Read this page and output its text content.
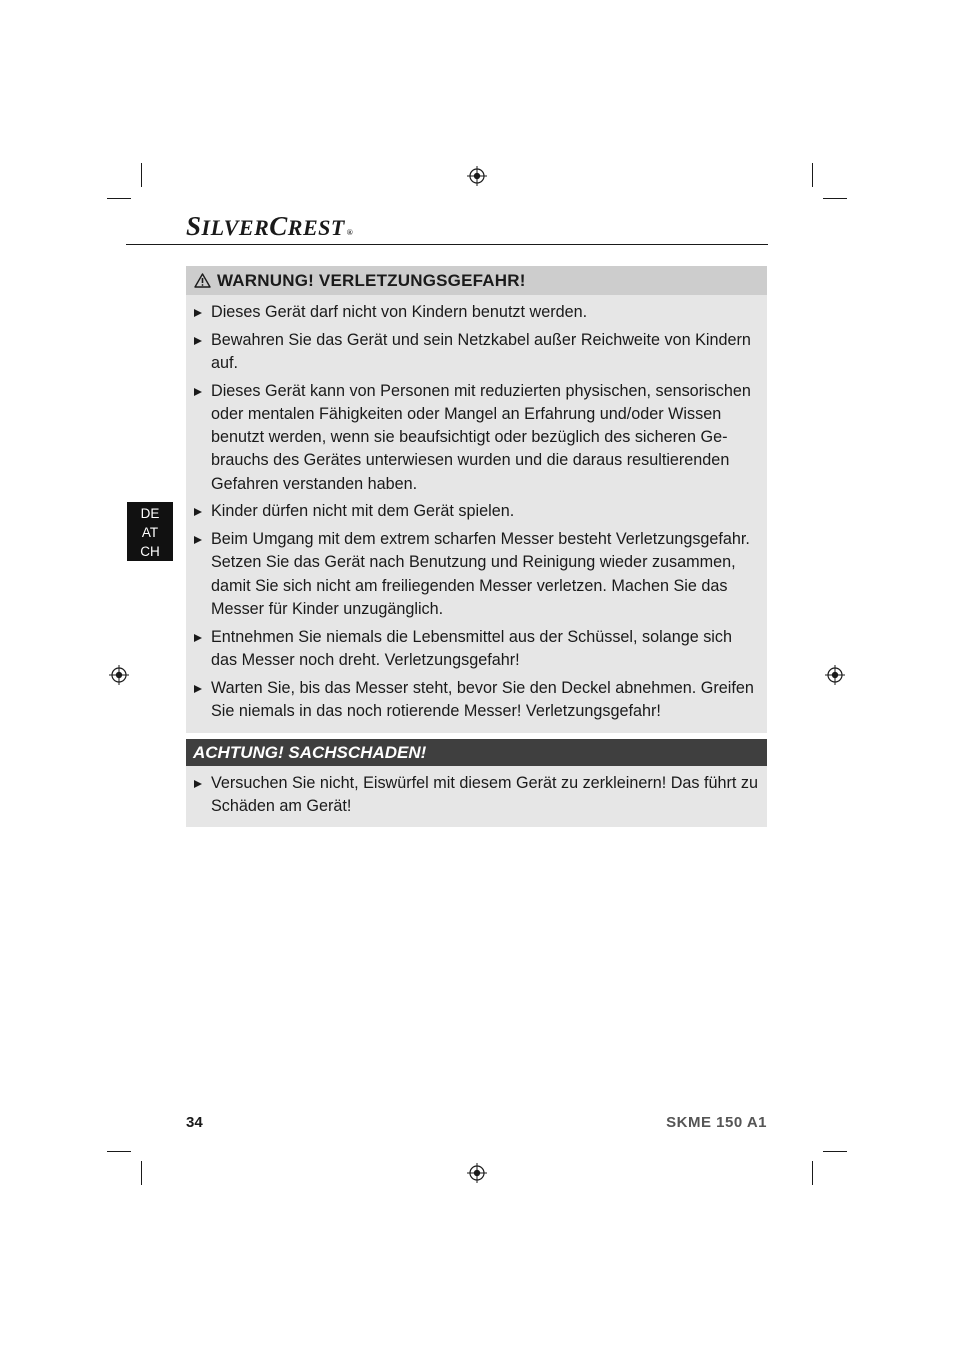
S ILVER C REST $_®$
DE
AT
CH
WARNUNG! VERLETZUNGSGEFAHR!
Dieses Gerät darf nicht von Kindern benutzt werden.
Bewahren Sie das Gerät und sein Netzkabel außer Reichweite von Kindern auf.
Dieses Gerät kann von Personen mit reduzierten physischen, sensorischen oder mentalen Fähigkeiten oder Mangel an Erfahrung und/oder Wissen benutzt werden, wenn sie beaufsichtigt oder bezüglich des sicheren Ge-brauchs des Gerätes unterwiesen wurden und die daraus resultierenden Gefahren verstanden haben.
Kinder dürfen nicht mit dem Gerät spielen.
Beim Umgang mit dem extrem scharfen Messer besteht Verletzungsgefahr. Setzen Sie das Gerät nach Benutzung und Reinigung wieder zusammen, damit Sie sich nicht am freiliegenden Messer verletzen. Machen Sie das Messer für Kinder unzugänglich.
Entnehmen Sie niemals die Lebensmittel aus der Schüssel, solange sich das Messer noch dreht. Verletzungsgefahr!
Warten Sie, bis das Messer steht, bevor Sie den Deckel abnehmen. Greifen Sie niemals in das noch rotierende Messer! Verletzungsgefahr!
ACHTUNG! SACHSCHADEN!
Versuchen Sie nicht, Eiswürfel mit diesem Gerät zu zerkleinern! Das führt zu Schäden am Gerät!
34	SKME 150 A1
